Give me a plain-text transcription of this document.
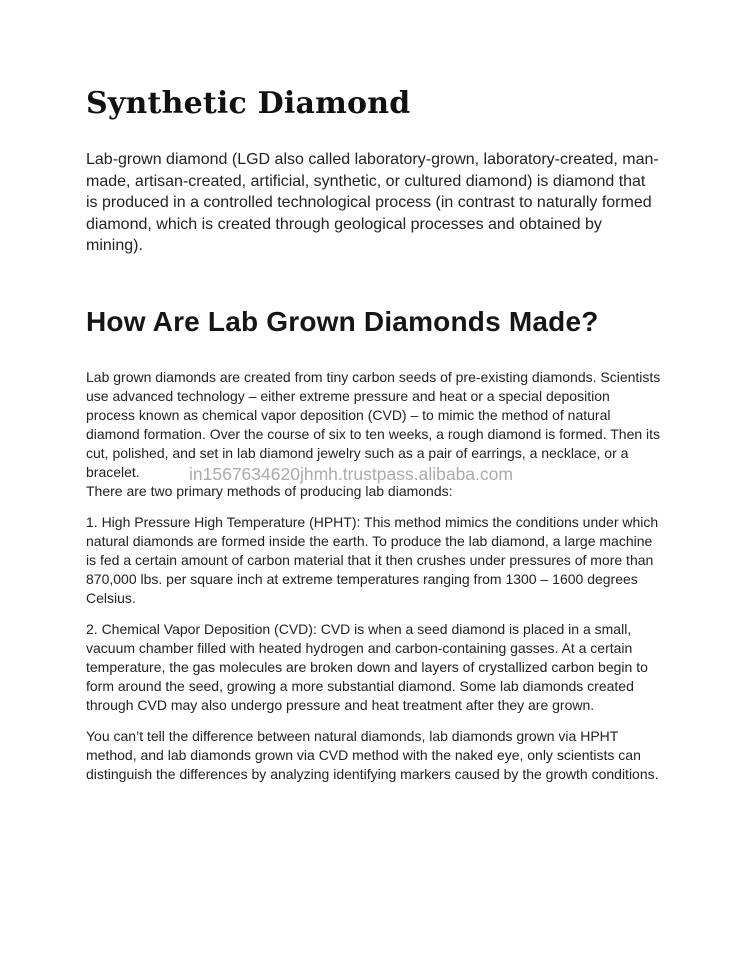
Synthetic Diamond

Lab-grown diamond (LGD also called laboratory-grown, laboratory-created, man-made, artisan-created, artificial, synthetic, or cultured diamond) is diamond that is produced in a controlled technological process (in contrast to naturally formed diamond, which is created through geological processes and obtained by mining).

How Are Lab Grown Diamonds Made?

Lab grown diamonds are created from tiny carbon seeds of pre-existing diamonds. Scientists use advanced technology – either extreme pressure and heat or a special deposition process known as chemical vapor deposition (CVD) – to mimic the method of natural diamond formation. Over the course of six to ten weeks, a rough diamond is formed. Then its cut, polished, and set in lab diamond jewelry such as a pair of earrings, a necklace, or a bracelet.

There are two primary methods of producing lab diamonds:

1. High Pressure High Temperature (HPHT): This method mimics the conditions under which natural diamonds are formed inside the earth. To produce the lab diamond, a large machine is fed a certain amount of carbon material that it then crushes under pressures of more than 870,000 lbs. per square inch at extreme temperatures ranging from 1300 – 1600 degrees Celsius.

2. Chemical Vapor Deposition (CVD): CVD is when a seed diamond is placed in a small, vacuum chamber filled with heated hydrogen and carbon-containing gasses. At a certain temperature, the gas molecules are broken down and layers of crystallized carbon begin to form around the seed, growing a more substantial diamond. Some lab diamonds created through CVD may also undergo pressure and heat treatment after they are grown.

You can’t tell the difference between natural diamonds, lab diamonds grown via HPHT method, and lab diamonds grown via CVD method with the naked eye, only scientists can distinguish the differences by analyzing identifying markers caused by the growth conditions.

in1567634620jhmh.trustpass.alibaba.com
